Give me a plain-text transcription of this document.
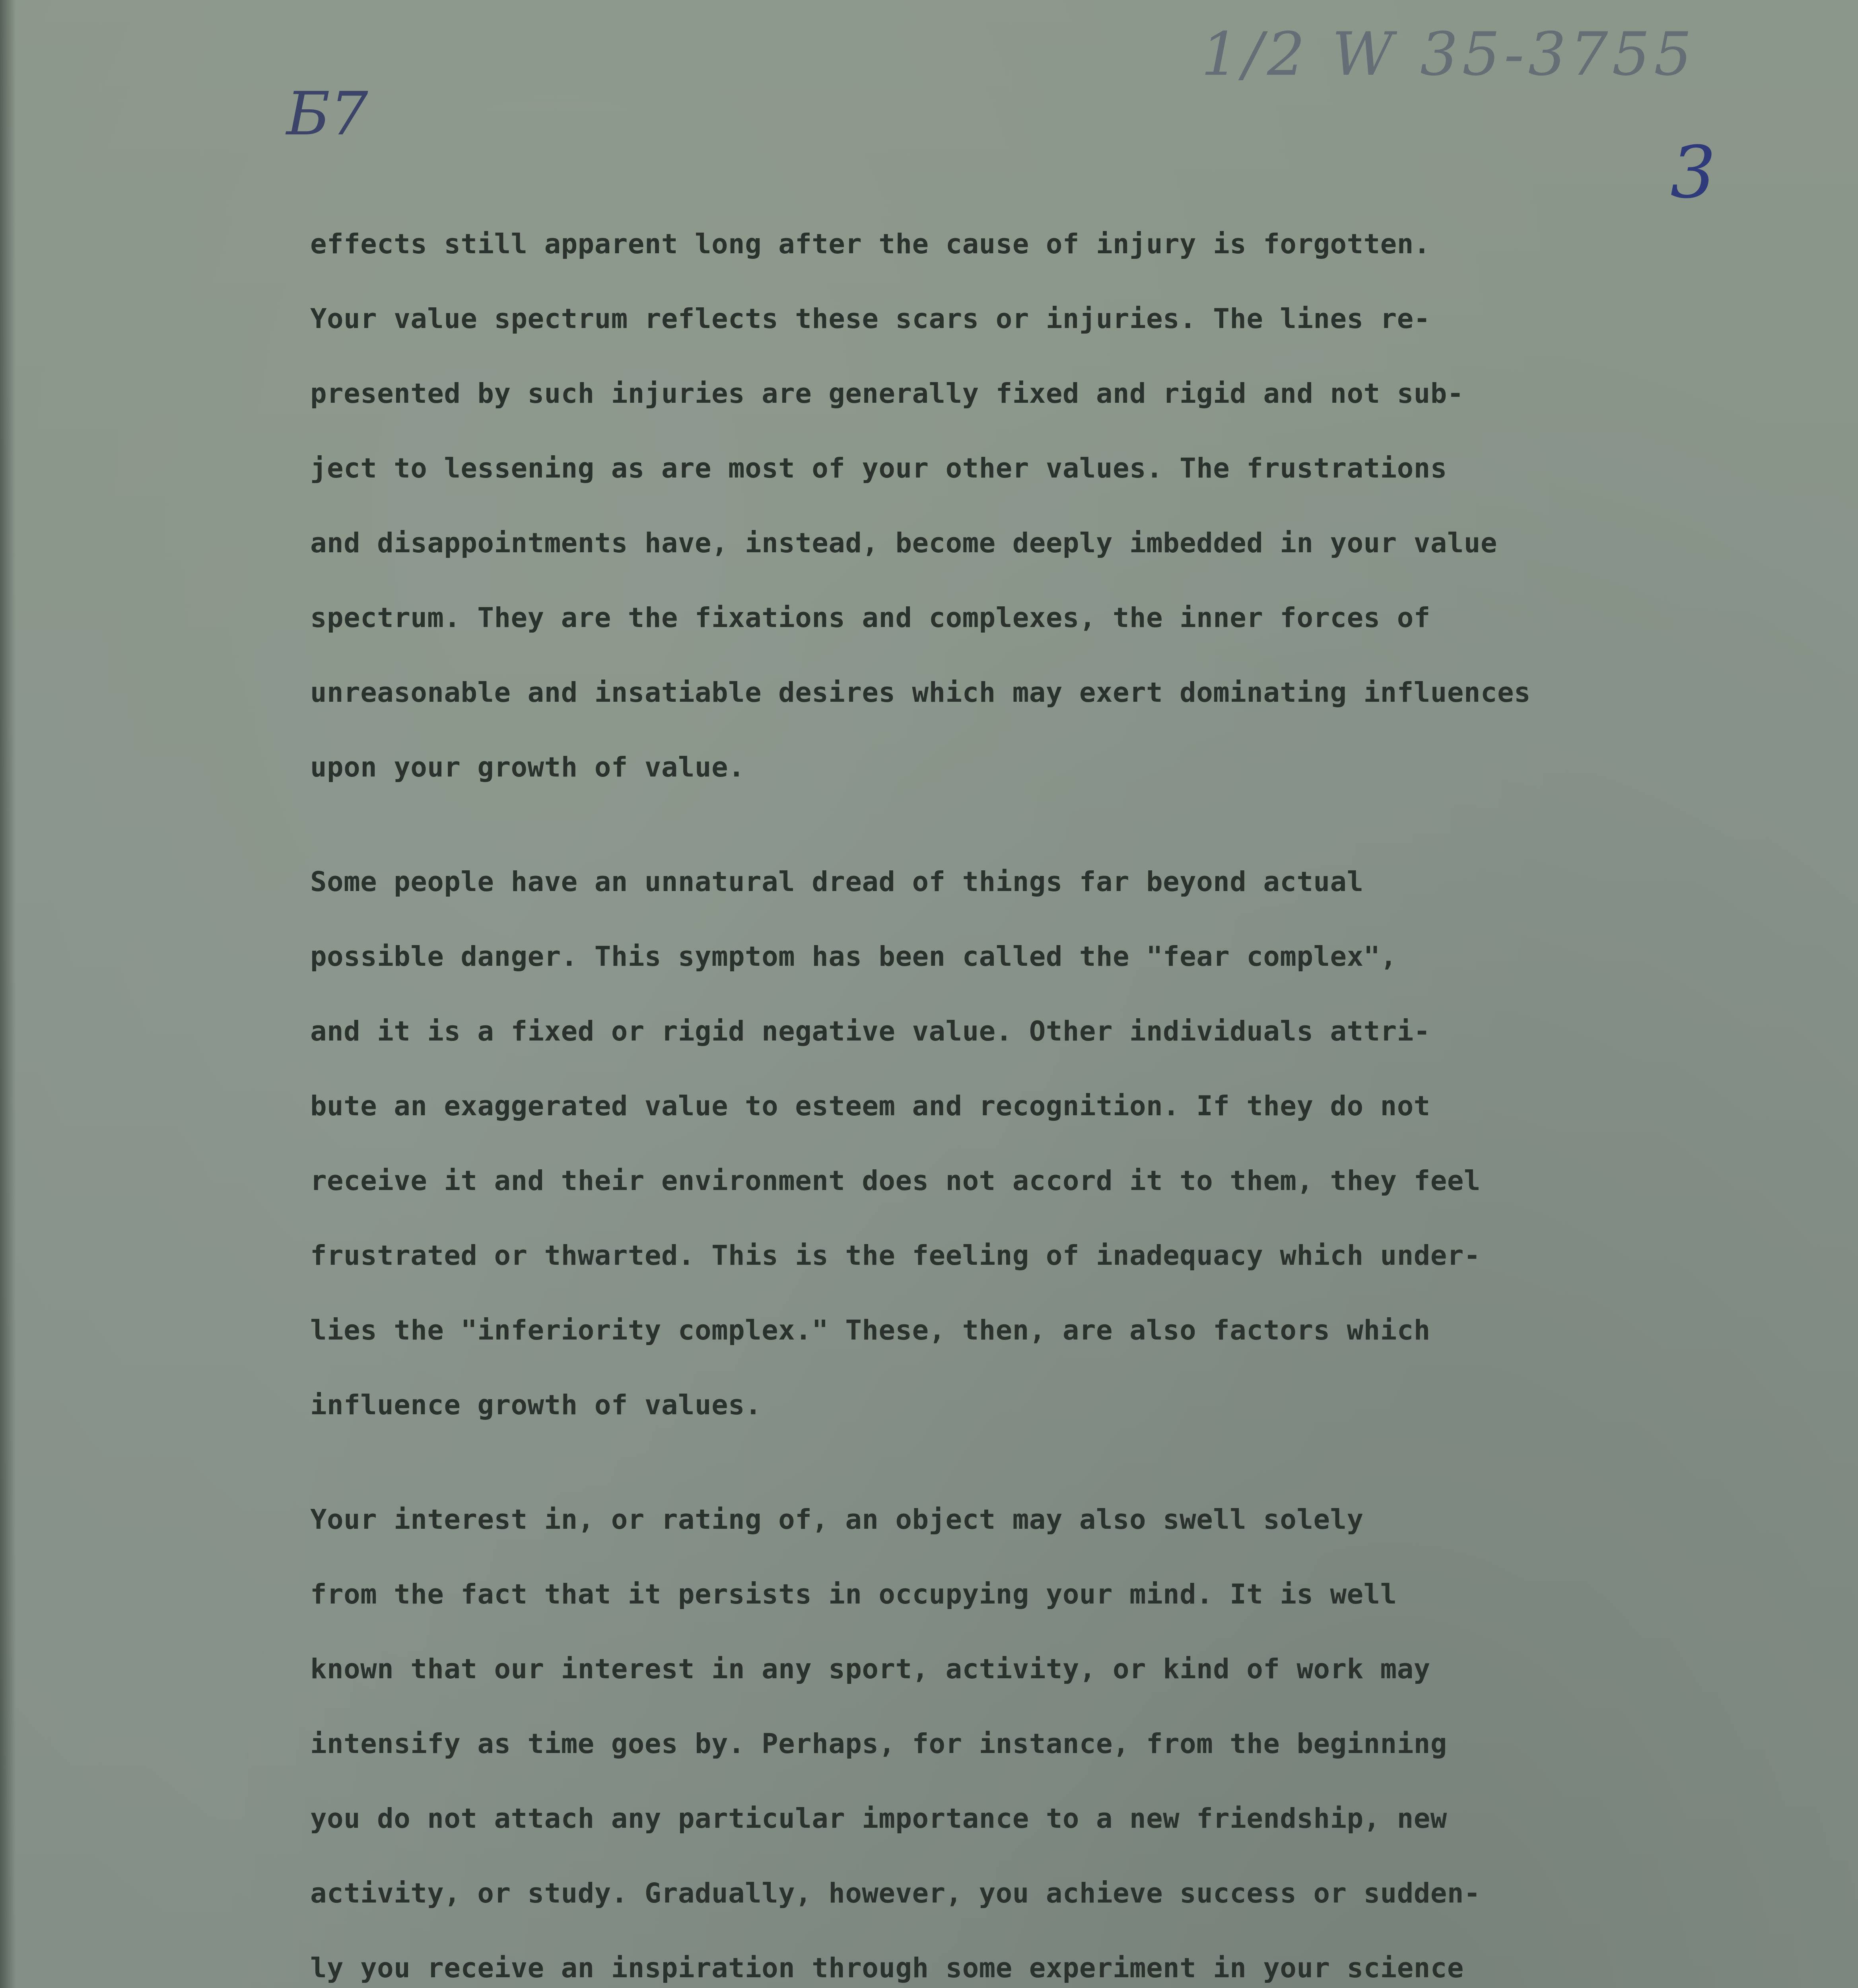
Б7
1/2 W 35-3755
3
effects still apparent long after the cause of injury is forgotten.
Your value spectrum reflects these scars or injuries. The lines re-
presented by such injuries are generally fixed and rigid and not sub-
ject to lessening as are most of your other values. The frustrations
and disappointments have, instead, become deeply imbedded in your value
spectrum. They are the fixations and complexes, the inner forces of
unreasonable and insatiable desires which may exert dominating influences
upon your growth of value.
Some people have an unnatural dread of things far beyond actual
possible danger. This symptom has been called the "fear complex",
and it is a fixed or rigid negative value. Other individuals attri-
bute an exaggerated value to esteem and recognition. If they do not
receive it and their environment does not accord it to them, they feel
frustrated or thwarted. This is the feeling of inadequacy which under-
lies the "inferiority complex." These, then, are also factors which
influence growth of values.
Your interest in, or rating of, an object may also swell solely
from the fact that it persists in occupying your mind. It is well
known that our interest in any sport, activity, or kind of work may
intensify as time goes by. Perhaps, for instance, from the beginning
you do not attach any particular importance to a new friendship, new
activity, or study. Gradually, however, you achieve success or sudden-
ly you receive an inspiration through some experiment in your science
